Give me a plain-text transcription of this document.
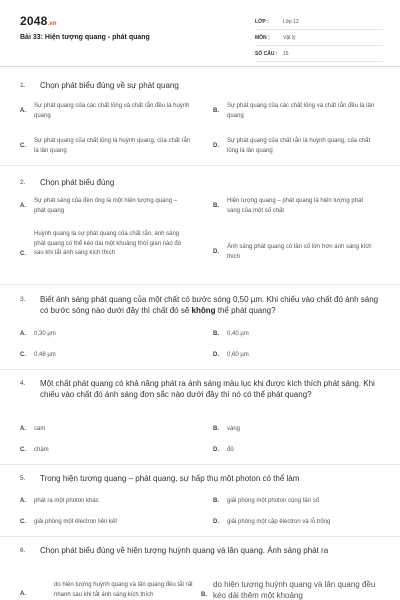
2048.vn
Bài 33: Hiện tượng quang - phát quang
LỚP :	Lớp 12
MÔN :	Vật lý
SỐ CÂU :	15
1. Chọn phát biểu đúng về sự phát quang
A.
Sự phát quang của các chất lỏng và chất rắn đều là huỳnh quang
B.
Sự phát quang của các chất lỏng và chất rắn đều là lân quang
C.
Sự phát quang của chất lỏng là huỳnh quang, của chất rắn là lân quang
D.
Sự phát quang của chất rắn là huỳnh quang, của chất lỏng là lân quang
2. Chọn phát biểu đúng
A.
Sự phát sáng của đèn ống là một hiện tượng quang – phát quang
B.
Hiện tượng quang – phát quang là hiện tượng phát sáng của một số chất
C.
Huỳnh quang là sự phát quang của chất rắn, ánh sáng phát quang có thể kéo dài một khoảng thời gian nào đó sau khi tắt ánh sáng kích thích	D.
Ánh sáng phát quang có tần số lớn hơn ánh sáng kích thích
3. Biết ánh sáng phát quang của một chất có bước sóng 0,50 µm. Khi chiếu vào chất đó ánh sáng có bước sóng nào dưới đây thì chất đó sẽ không thể phát quang?
A. 0,30 µm	B. 0,40 µm
C. 0,48 µm	D. 0,60 µm
4. Một chất phát quang có khả năng phát ra ánh sáng màu lục khi được kích thích phát sáng. Khi chiếu vào chất đó ánh sáng đơn sắc nào dưới đây thì nó có thể phát quang?
A. cam	B. vàng
C. chàm	D. đỏ
5. Trong hiện tượng quang – phát quang, sự hấp thụ một photon có thể làm
A. phát ra một photon khác	B. giải phóng một photon cùng tần số
C. giải phóng một êlectron liên kết	D. giải phóng một cặp êlectron và lỗ trống
6. Chọn phát biểu đúng về hiện tượng huỳnh quang và lân quang. Ánh sáng phát ra
A.
do hiện tượng huỳnh quang và lân quang đều tắt rất nhanh sau khi tắt ánh sáng kích thích	B.
do hiện tượng huỳnh quang và lân quang đều kéo dài thêm một khoảng
